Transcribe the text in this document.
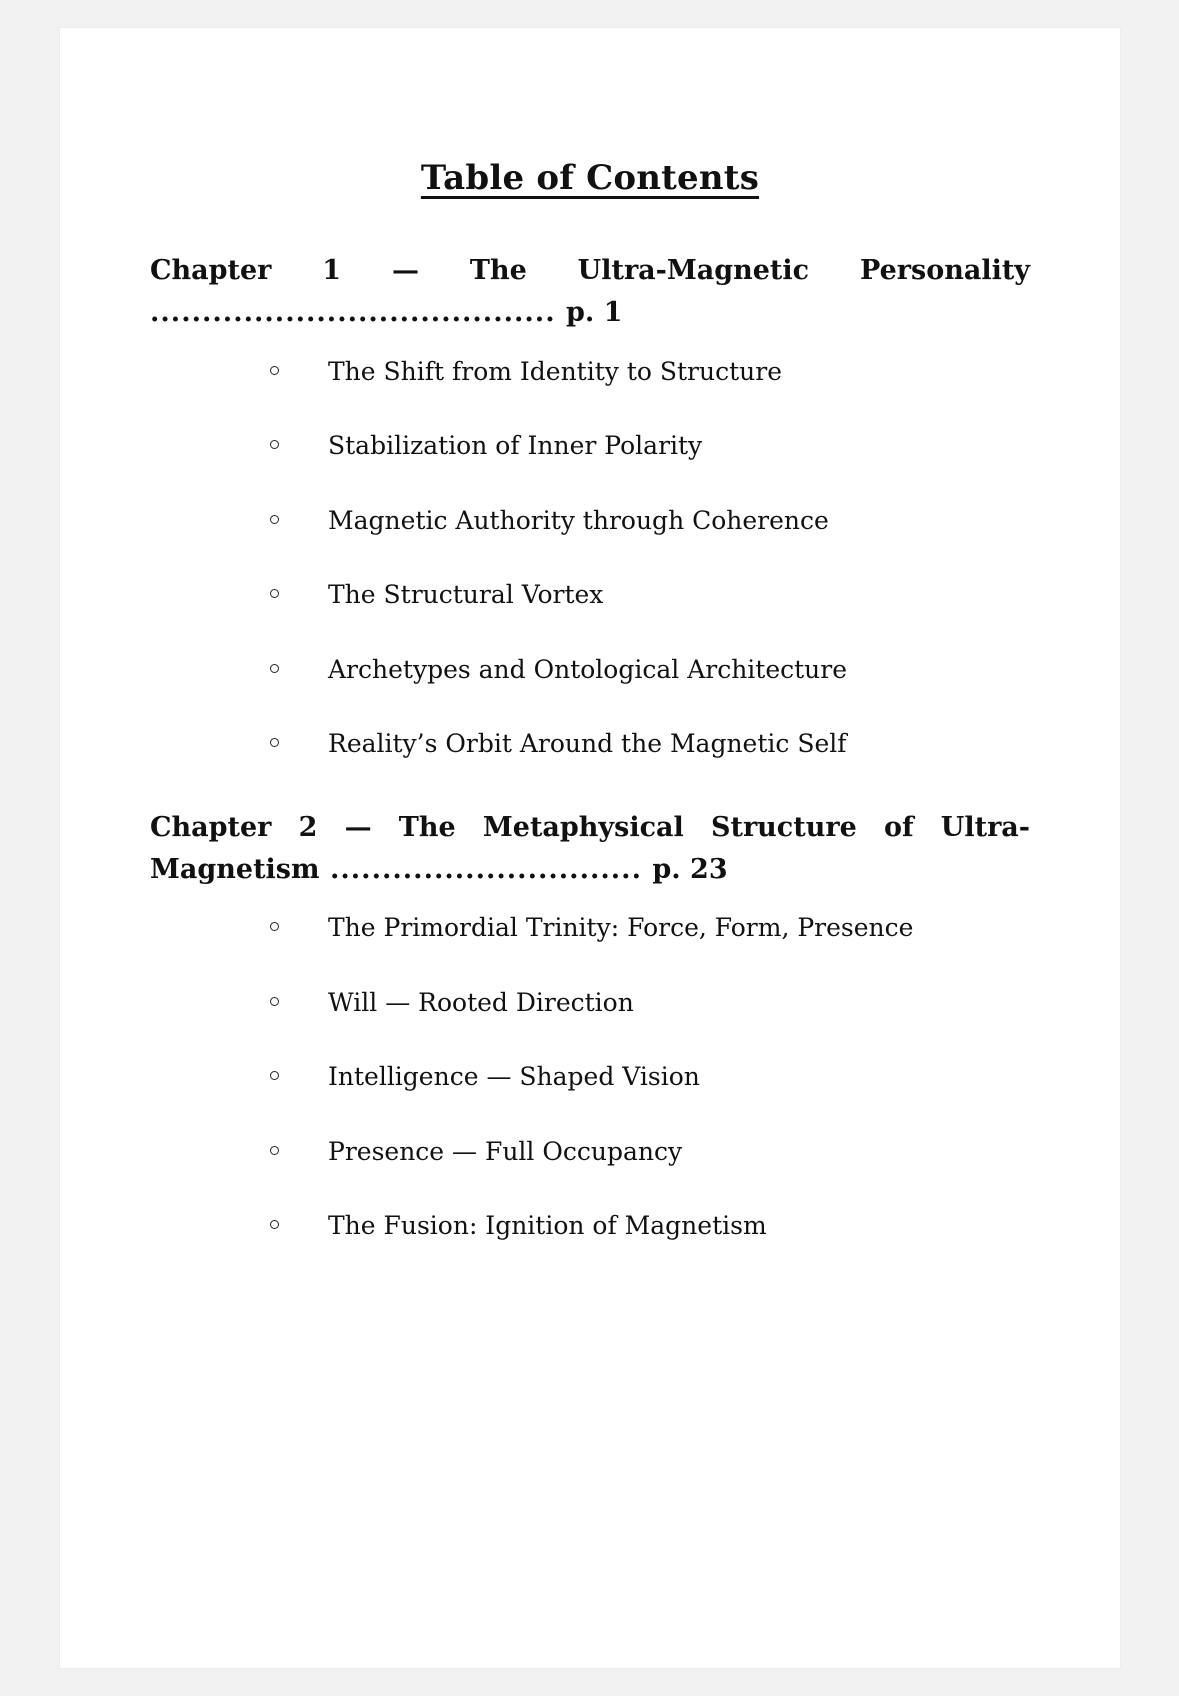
Table of Contents

Chapter 1 — The Ultra-Magnetic Personality ....................................... p. 1

The Shift from Identity to Structure
Stabilization of Inner Polarity
Magnetic Authority through Coherence
The Structural Vortex
Archetypes and Ontological Architecture
Reality’s Orbit Around the Magnetic Self

Chapter 2 — The Metaphysical Structure of Ultra-Magnetism .............................. p. 23

The Primordial Trinity: Force, Form, Presence
Will — Rooted Direction
Intelligence — Shaped Vision
Presence — Full Occupancy
The Fusion: Ignition of Magnetism
